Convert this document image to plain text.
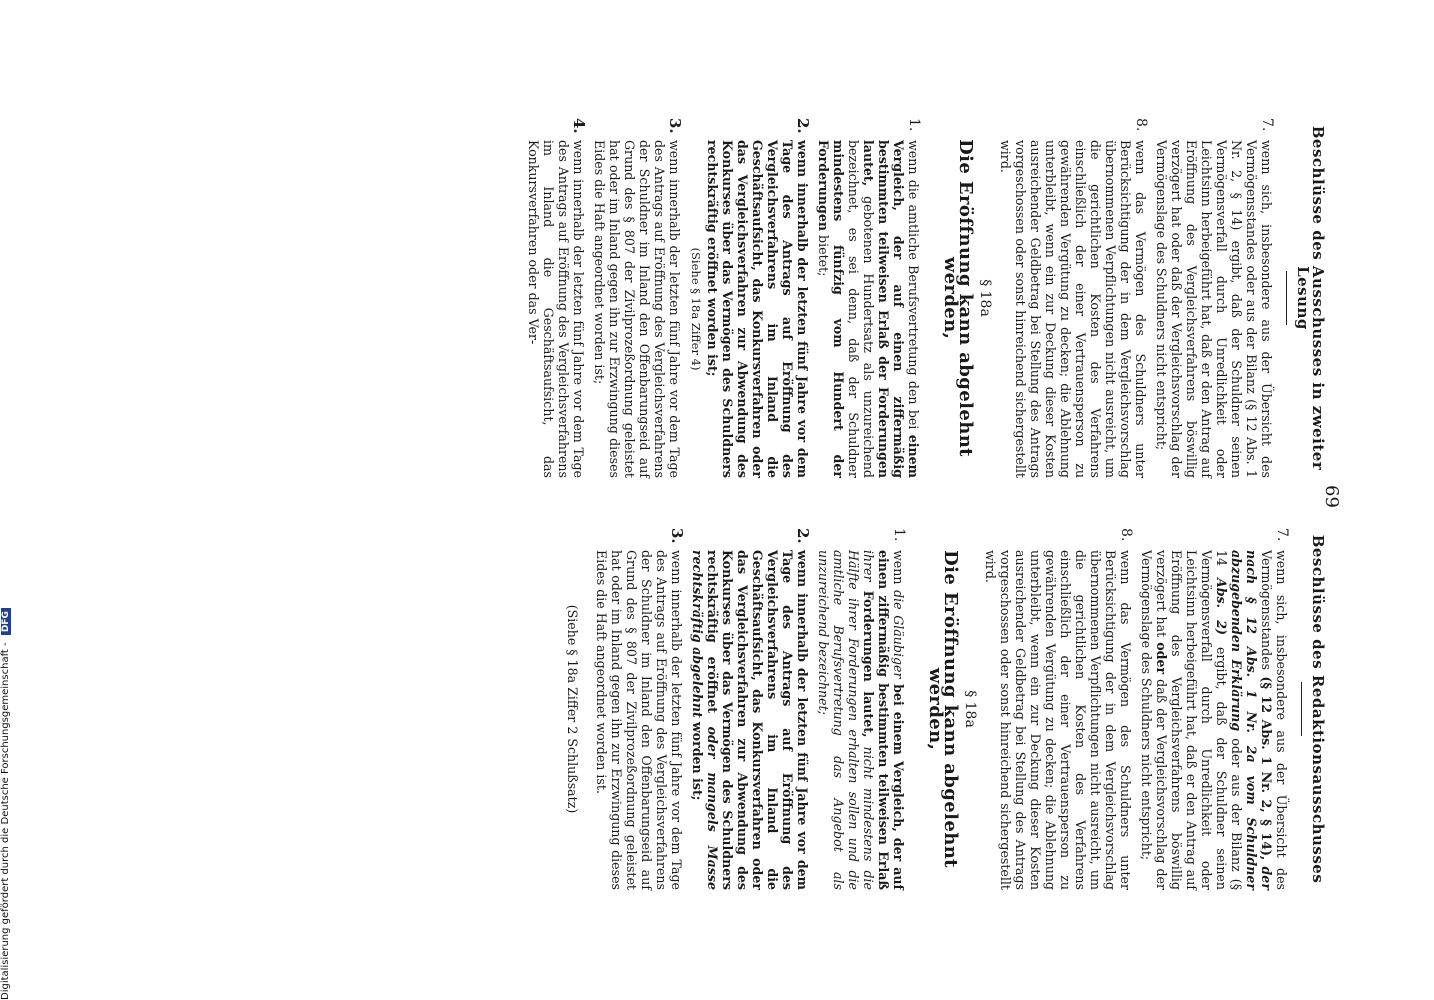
69
Beschlüsse des Ausschusses in zweiter Lesung
7.
wenn sich, insbesondere aus der Übersicht des Vermögensstandes oder aus der Bilanz (§ 12 Abs. 1 Nr. 2, § 14) ergibt, daß der Schuldner seinen Vermögensverfall durch Unredlichkeit oder Leichtsinn herbeigeführt hat, daß er den Antrag auf Eröffnung des Vergleichsverfahrens böswillig verzögert hat oder daß der Vergleichsvorschlag der Vermögenslage des Schuldners nicht entspricht;
8.
wenn das Vermögen des Schuldners unter Berücksichtigung der in dem Vergleichsvorschlag übernommenen Verpflichtungen nicht ausreicht, um die gerichtlichen Kosten des Verfahrens einschließlich der einer Vertrauensperson zu gewährenden Vergütung zu decken; die Ablehnung unterbleibt, wenn ein zur Deckung dieser Kosten ausreichender Geldbetrag bei Stellung des Antrags vorgeschossen oder sonst hinreichend sichergestellt wird.
§ 18a
Die Eröffnung kann abgelehnt werden,
1.
wenn die amtliche Berufsvertretung den bei einem Vergleich, der auf einen ziffermäßig bestimmten teilweisen Erlaß der Forderungen lautet, gebotenen Hundertsatz als unzureichend bezeichnet, es sei denn, daß der Schuldner mindestens fünfzig vom Hundert der Forderungen bietet;
2.
wenn innerhalb der letzten fünf Jahre vor dem Tage des Antrags auf Eröffnung des Vergleichsverfahrens im Inland die Geschäftsaufsicht, das Konkursverfahren oder das Vergleichsverfahren zur Abwendung des Konkurses über das Vermögen des Schuldners rechtskräftig eröffnet worden ist;
(Siehe § 18a Ziffer 4)
3.
wenn innerhalb der letzten fünf Jahre vor dem Tage des Antrags auf Eröffnung des Vergleichsverfahrens der Schuldner im Inland den Offenbarungseid auf Grund des § 807 der Zivilprozeßordnung geleistet hat oder im Inland gegen ihn zur Erzwingung dieses Eides die Haft angeordnet worden ist;
4.
wenn innerhalb der letzten fünf Jahre vor dem Tage des Antrags auf Eröffnung des Vergleichsverfahrens im Inland die Geschäftsaufsicht, das Konkursverfahren oder das Ver-
Beschlüsse des Redaktionsausschusses
7.
wenn sich, insbesondere aus der Übersicht des Vermögensstandes (§ 12 Abs. 1 Nr. 2, § 14), der nach § 12 Abs. 1 Nr. 2a vom Schuldner abzugebenden Erklärung oder aus der Bilanz (§ 14 Abs. 2) ergibt, daß der Schuldner seinen Vermögensverfall durch Unredlichkeit oder Leichtsinn herbeigeführt hat, daß er den Antrag auf Eröffnung des Vergleichsverfahrens böswillig verzögert hat oder daß der Vergleichsvorschlag der Vermögenslage des Schuldners nicht entspricht;
8.
wenn das Vermögen des Schuldners unter Berücksichtigung der in dem Vergleichsvorschlag übernommenen Verpflichtungen nicht ausreicht, um die gerichtlichen Kosten des Verfahrens einschließlich der einer Vertrauensperson zu gewährenden Vergütung zu decken; die Ablehnung unterbleibt, wenn ein zur Deckung dieser Kosten ausreichender Geldbetrag bei Stellung des Antrags vorgeschossen oder sonst hinreichend sichergestellt wird.
§ 18a
Die Eröffnung kann abgelehnt werden,
1.
wenn die Gläubiger bei einem Vergleich, der auf einen ziffermäßig bestimmten teilweisen Erlaß ihrer Forderungen lautet, nicht mindestens die Hälfte ihrer Forderungen erhalten sollen und die amtliche Berufsvertretung das Angebot als unzureichend bezeichnet;
2.
wenn innerhalb der letzten fünf Jahre vor dem Tage des Antrags auf Eröffnung des Vergleichsverfahrens im Inland die Geschäftsaufsicht, das Konkursverfahren oder das Vergleichsverfahren zur Abwendung des Konkurses über das Vermögen des Schuldners rechtskräftig eröffnet oder mangels Masse rechtskräftig abgelehnt worden ist;
3.
wenn innerhalb der letzten fünf Jahre vor dem Tage des Antrags auf Eröffnung des Vergleichsverfahrens der Schuldner im Inland den Offenbarungseid auf Grund des § 807 der Zivilprozeßordnung geleistet hat oder im Inland gegen ihn zur Erzwingung dieses Eides die Haft angeordnet worden ist.
(Siehe § 18a Ziffer 2 Schlußsatz)
Digitalisierung gefördert durch die Deutsche Forschungsgemeinschaft - DFG
